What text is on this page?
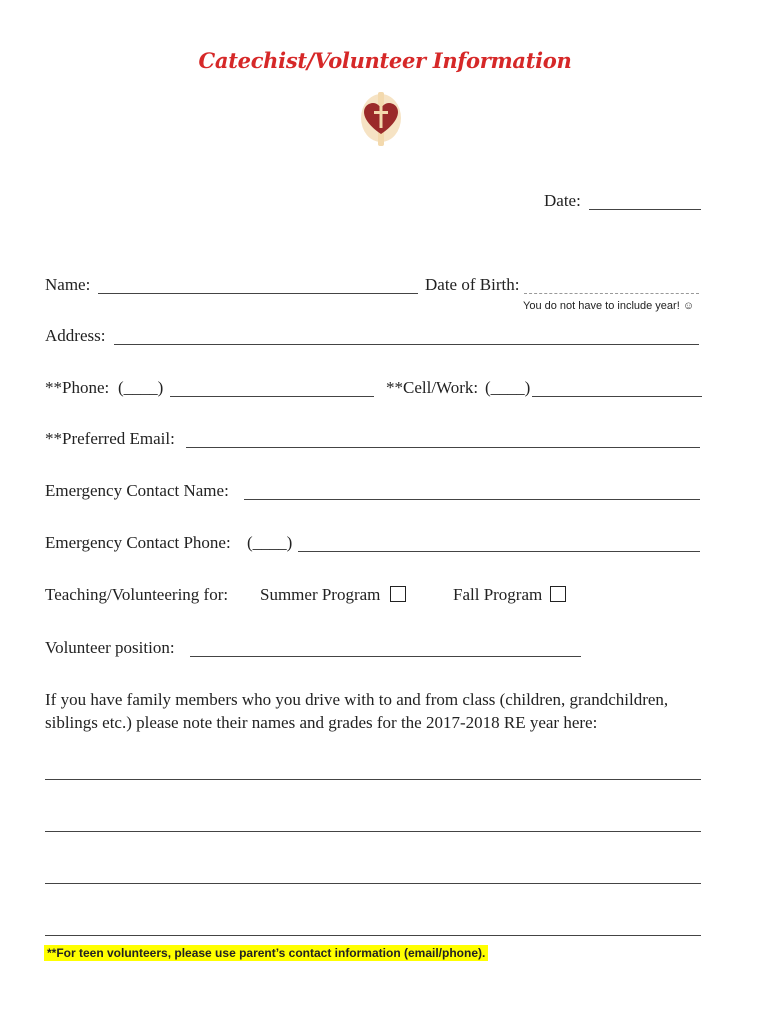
Catechist/Volunteer Information
Date:
Name:	Date of Birth:
You do not have to include year! ☺
Address:
**Phone: (____)	**Cell/Work: (____)
**Preferred Email:
Emergency Contact Name:
Emergency Contact Phone: (____)
Teaching/Volunteering for: Summer Program	Fall Program
Volunteer position:
If you have family members who you drive with to and from class (children, grandchildren, siblings etc.) please note their names and grades for the 2017-2018 RE year here:
**For teen volunteers, please use parent’s contact information (email/phone).
